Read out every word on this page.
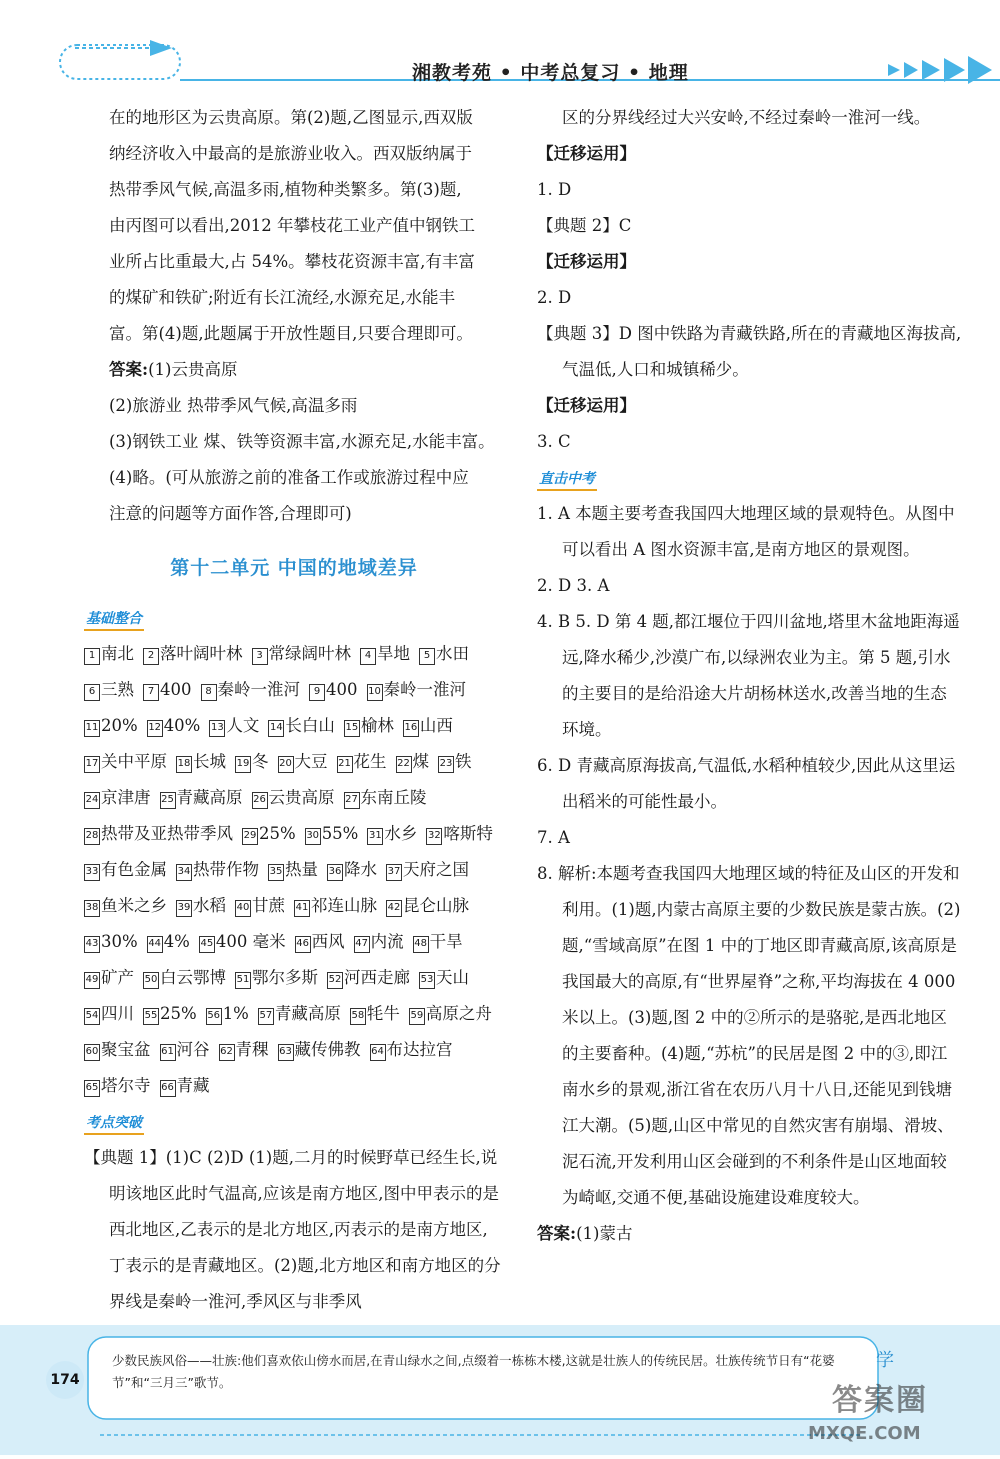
湘教考苑 • 中考总复习 • 地理

在的地形区为云贵高原。第(2)题,乙图显示,西双版

纳经济收入中最高的是旅游业收入。西双版纳属于

热带季风气候,高温多雨,植物种类繁多。第(3)题,

由丙图可以看出,2012 年攀枝花工业产值中钢铁工

业所占比重最大,占 54%。攀枝花资源丰富,有丰富

的煤矿和铁矿;附近有长江流经,水源充足,水能丰

富。第(4)题,此题属于开放性题目,只要合理即可。

答案:(1)云贵高原

(2)旅游业 热带季风气候,高温多雨

(3)钢铁工业 煤、铁等资源丰富,水源充足,水能丰富。

(4)略。(可从旅游之前的准备工作或旅游过程中应

注意的问题等方面作答,合理即可)

第十二单元 中国的地域差异
基础整合
1 南北	2 落叶阔叶林	3 常绿阔叶林	4 旱地	5 水田
6 三熟	7 400	8 秦岭一淮河	9 400 10 秦岭一淮河
11 20% 12 40% 13 人文 14 长白山 15 榆林 16 山西
17 关中平原 18 长城 19 冬 20 大豆 21 花生 22 煤 23 铁
24 京津唐 25 青藏高原 26 云贵高原 27 东南丘陵
28 热带及亚热带季风 29 25% 30 55% 31 水乡 32 喀斯特
33 有色金属 34 热带作物 35 热量 36 降水 37 天府之国
38 鱼米之乡 39 水稻 40 甘蔗 41 祁连山脉 42 昆仑山脉
43 30% 44 4% 45 400 毫米 46 西风 47 内流 48 干旱
49 矿产 50 白云鄂博 51 鄂尔多斯 52 河西走廊 53 天山
54 四川 55 25% 56 1% 57 青藏高原 58 牦牛 59 高原之舟
60 聚宝盆 61 河谷 62 青稞 63 藏传佛教 64 布达拉宫
65 塔尔寺 66 青藏
考点突破

【典题 1】(1)C (2)D (1)题,二月的时候野草已经生长,说明该地区此时气温高,应该是南方地区,图中甲表示的是西北地区,乙表示的是北方地区,丙表示的是南方地区,丁表示的是青藏地区。(2)题,北方地区和南方地区的分界线是秦岭一淮河,季风区与非季风

区的分界线经过大兴安岭,不经过秦岭一淮河一线。

【迁移运用】

1. D

【典题 2】C

【迁移运用】

2. D

【典题 3】D 图中铁路为青藏铁路,所在的青藏地区海拔高,气温低,人口和城镇稀少。

【迁移运用】

3. C

直击中考

1. A 本题主要考查我国四大地理区域的景观特色。从图中可以看出 A 图水资源丰富,是南方地区的景观图。

2. D 3. A

4. B 5. D 第 4 题,都江堰位于四川盆地,塔里木盆地距海遥远,降水稀少,沙漠广布,以绿洲农业为主。第 5 题,引水的主要目的是给沿途大片胡杨林送水,改善当地的生态环境。

6. D 青藏高原海拔高,气温低,水稻种植较少,因此从这里运出稻米的可能性最小。

7. A

8. 解析:本题考查我国四大地理区域的特征及山区的开发和利用。(1)题,内蒙古高原主要的少数民族是蒙古族。(2)题,“雪域高原”在图 1 中的丁地区即青藏高原,该高原是我国最大的高原,有“世界屋脊”之称,平均海拔在 4 000 米以上。(3)题,图 2 中的②所示的是骆驼,是西北地区的主要畜种。(4)题,“苏杭”的民居是图 2 中的③,即江南水乡的景观,浙江省在农历八月十八日,还能见到钱塘江大潮。(5)题,山区中常见的自然灾害有崩塌、滑坡、泥石流,开发利用山区会碰到的不利条件是山区地面较为崎岖,交通不便,基础设施建设难度较大。

答案:(1)蒙古

174
少数民族风俗——壮族:他们喜欢依山傍水而居,在青山绿水之间,点缀着一栋栋木楼,这就是壮族人的传统民居。壮族传统节日有“花婆节”和“三月三”歌节。
学
答案圈
MXQE.COM
